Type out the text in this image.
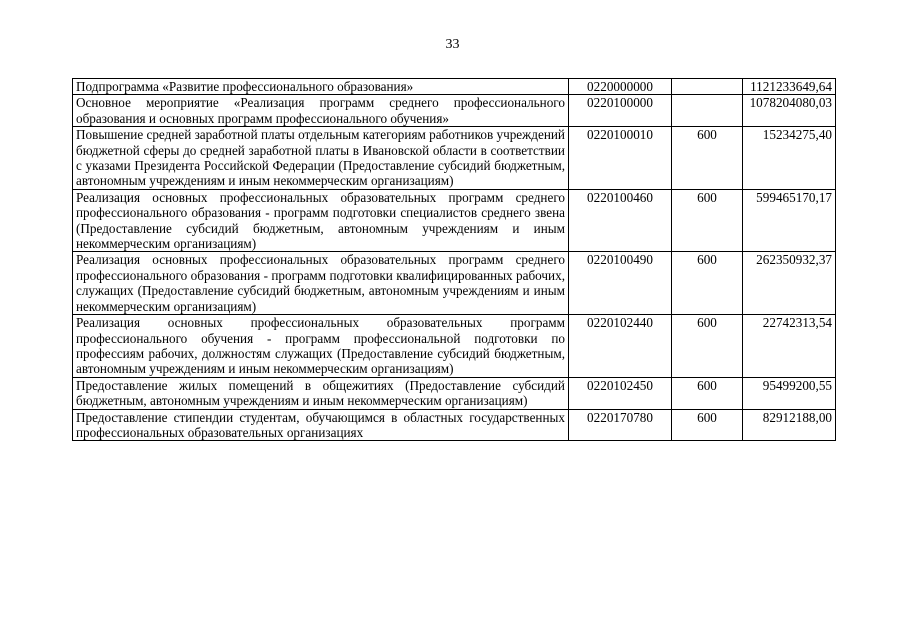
33
Подпрограмма «Развитие профессионального образования»	0220000000		1121233649,64
Основное мероприятие «Реализация программ среднего профессионального образования и основных программ профессионального обучения»	0220100000		1078204080,03
Повышение средней заработной платы отдельным категориям работников учреждений бюджетной сферы до средней заработной платы в Ивановской области в соответствии с указами Президента Российской Федерации (Предоставление субсидий бюджетным, автономным учреждениям и иным некоммерческим организациям)	0220100010	600	15234275,40
Реализация основных профессиональных образовательных программ среднего профессионального образования - программ подготовки специалистов среднего звена (Предоставление субсидий бюджетным, автономным учреждениям и иным некоммерческим организациям)	0220100460	600	599465170,17
Реализация основных профессиональных образовательных программ среднего профессионального образования - программ подготовки квалифицированных рабочих, служащих (Предоставление субсидий бюджетным, автономным учреждениям и иным некоммерческим организациям)	0220100490	600	262350932,37
Реализация основных профессиональных образовательных программ профессионального обучения - программ профессиональной подготовки по профессиям рабочих, должностям служащих (Предоставление субсидий бюджетным, автономным учреждениям и иным некоммерческим организациям)	0220102440	600	22742313,54
Предоставление жилых помещений в общежитиях (Предоставление субсидий бюджетным, автономным учреждениям и иным некоммерческим организациям)	0220102450	600	95499200,55

Предоставление стипендии студентам, обучающимся в областных государственных профессиональных образовательных организациях	0220170780	600	82912188,00
